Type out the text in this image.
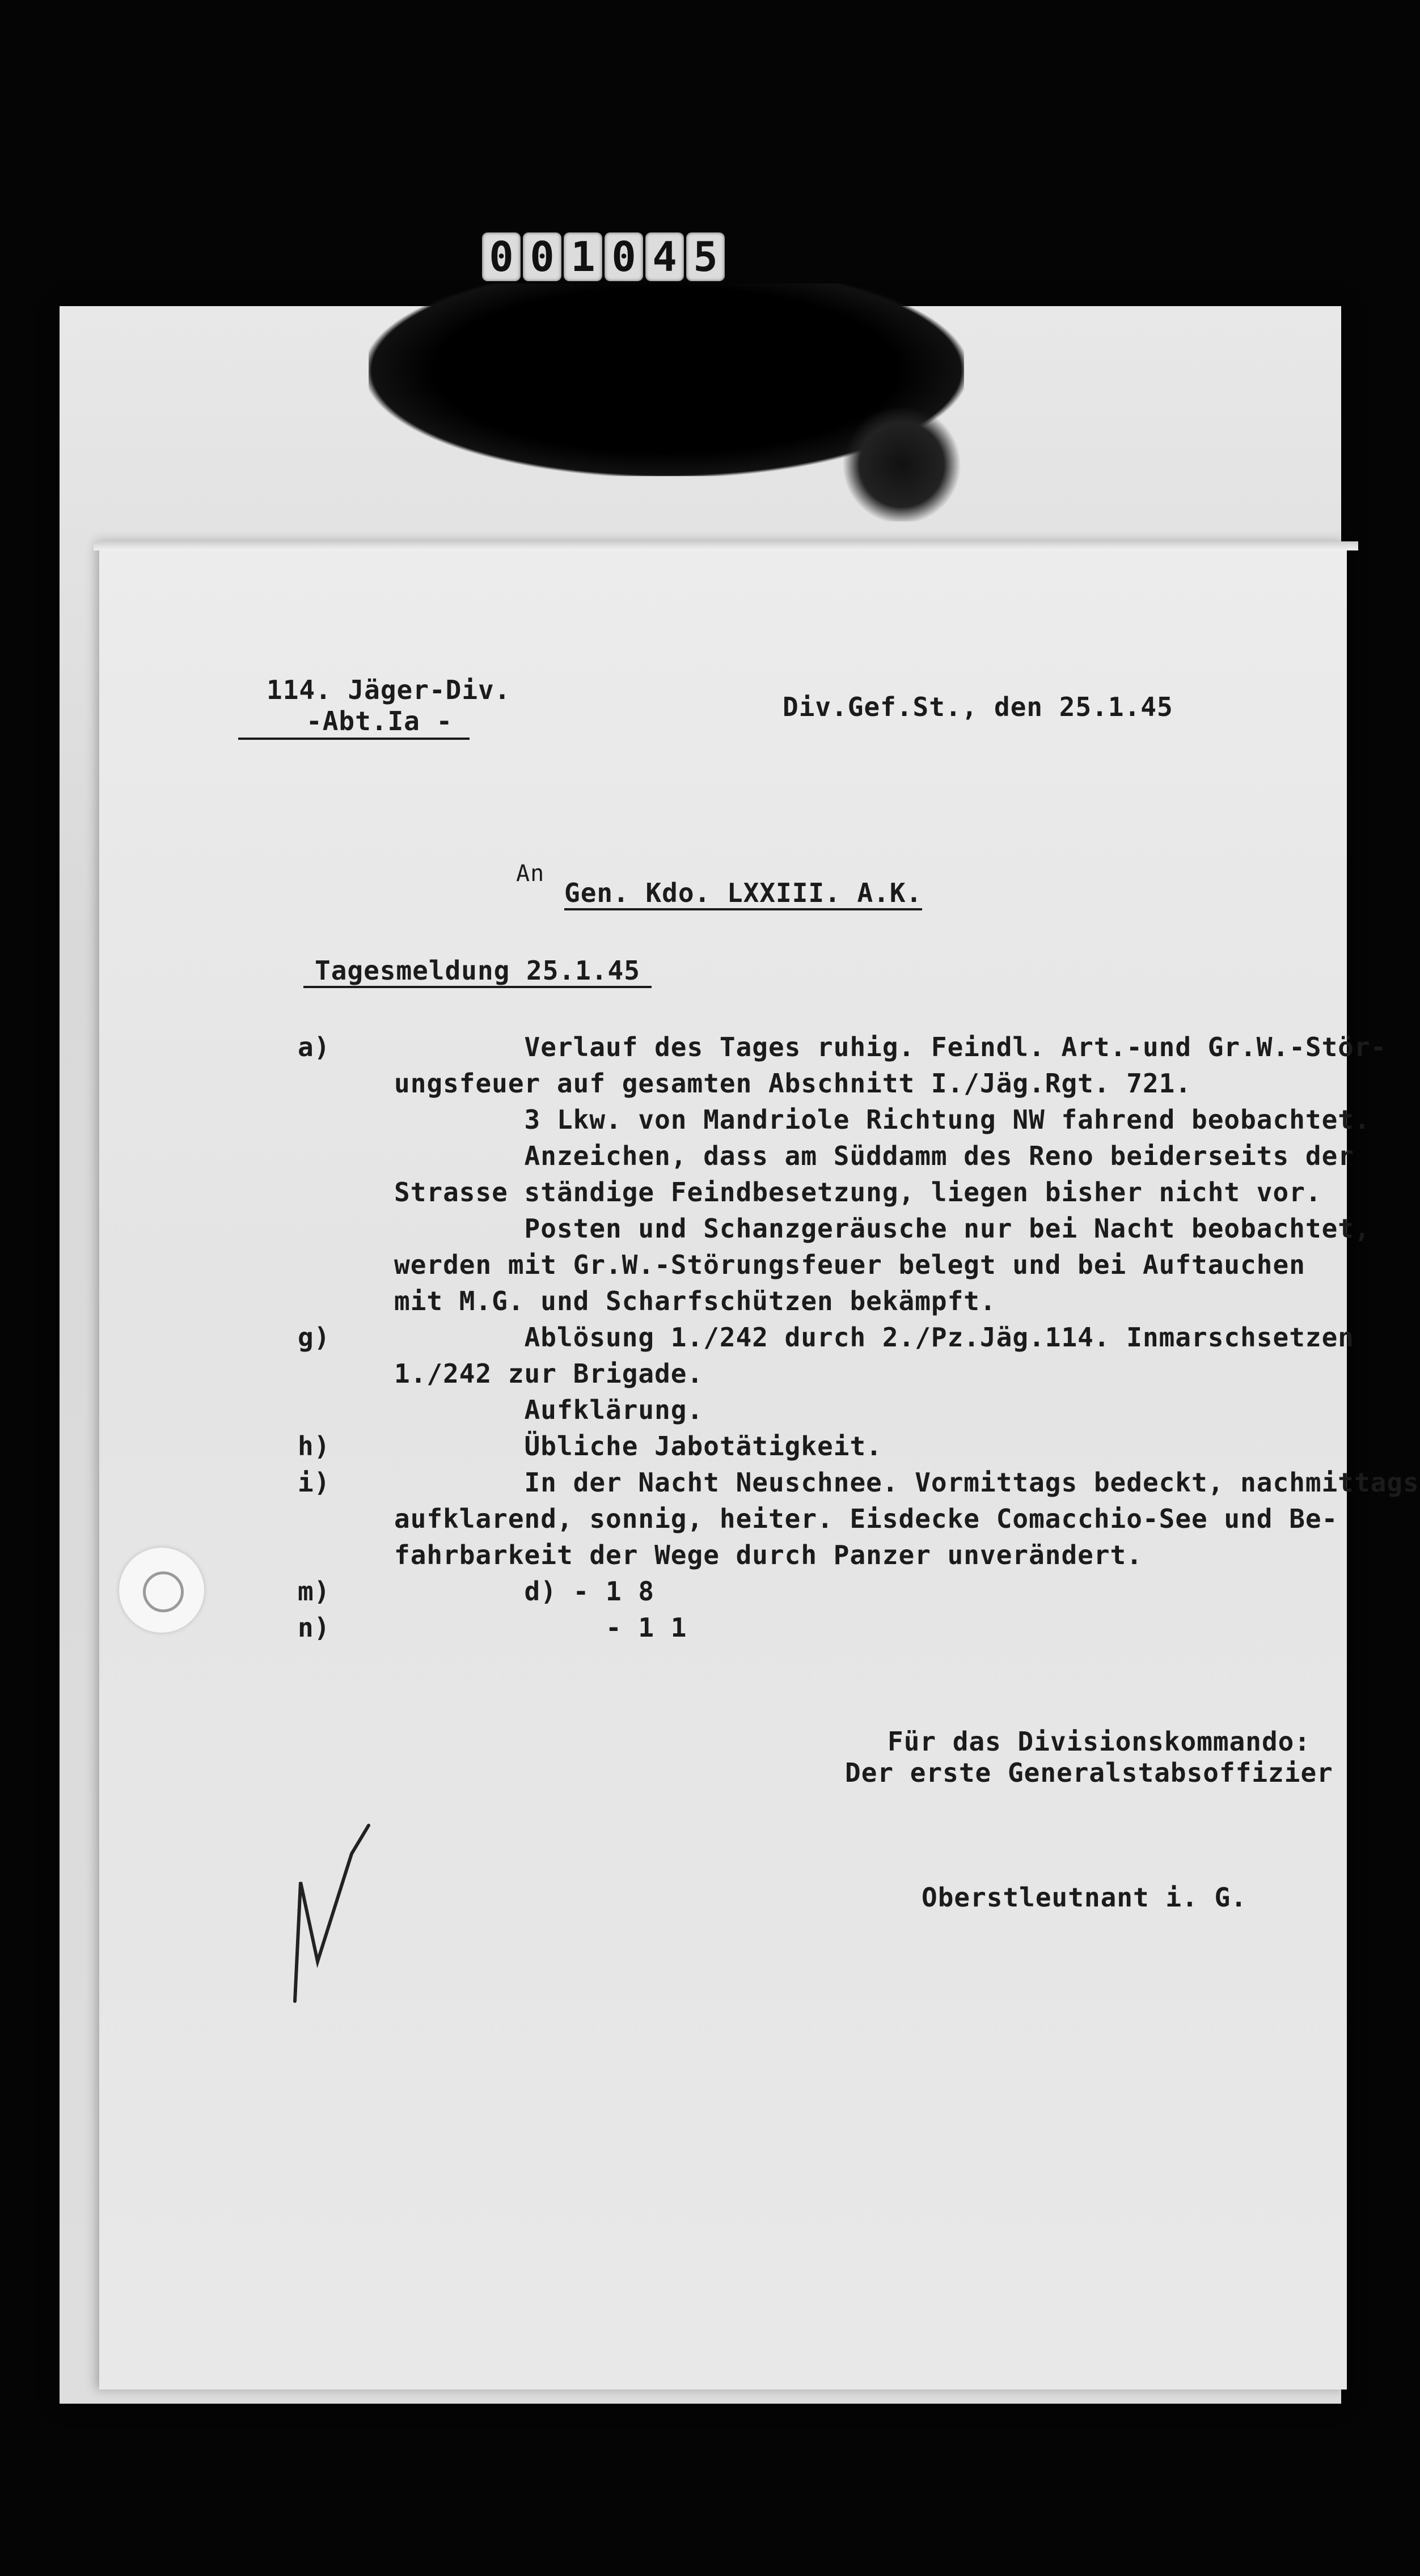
0 0 1 0 4 5
114. Jäger-Div.
-Abt.Ia -	Div.Gef.St., den 25.1.45
An
Gen. Kdo. LXXIII. A.K.
Tagesmeldung 25.1.45
a) Verlauf des Tages ruhig. Feindl. Art.-und Gr.W.-Stör-
ungsfeuer auf gesamten Abschnitt I./Jäg.Rgt. 721.
3 Lkw. von Mandriole Richtung NW fahrend beobachtet.
Anzeichen, dass am Süddamm des Reno beiderseits der
Strasse ständige Feindbesetzung, liegen bisher nicht vor.
Posten und Schanzgeräusche nur bei Nacht beobachtet,
werden mit Gr.W.-Störungsfeuer belegt und bei Auftauchen
mit M.G. und Scharfschützen bekämpft.
g) Ablösung 1./242 durch 2./Pz.Jäg.114. Inmarschsetzen
1./242 zur Brigade.
Aufklärung.
h) Übliche Jabotätigkeit.
i) In der Nacht Neuschnee. Vormittags bedeckt, nachmittags
aufklarend, sonnig, heiter. Eisdecke Comacchio-See und Be-
fahrbarkeit der Wege durch Panzer unverändert.
m) d) - 1 8
n) - 1 1
Für das Divisionskommando:
Der erste Generalstabsoffizier
Oberstleutnant i. G.
